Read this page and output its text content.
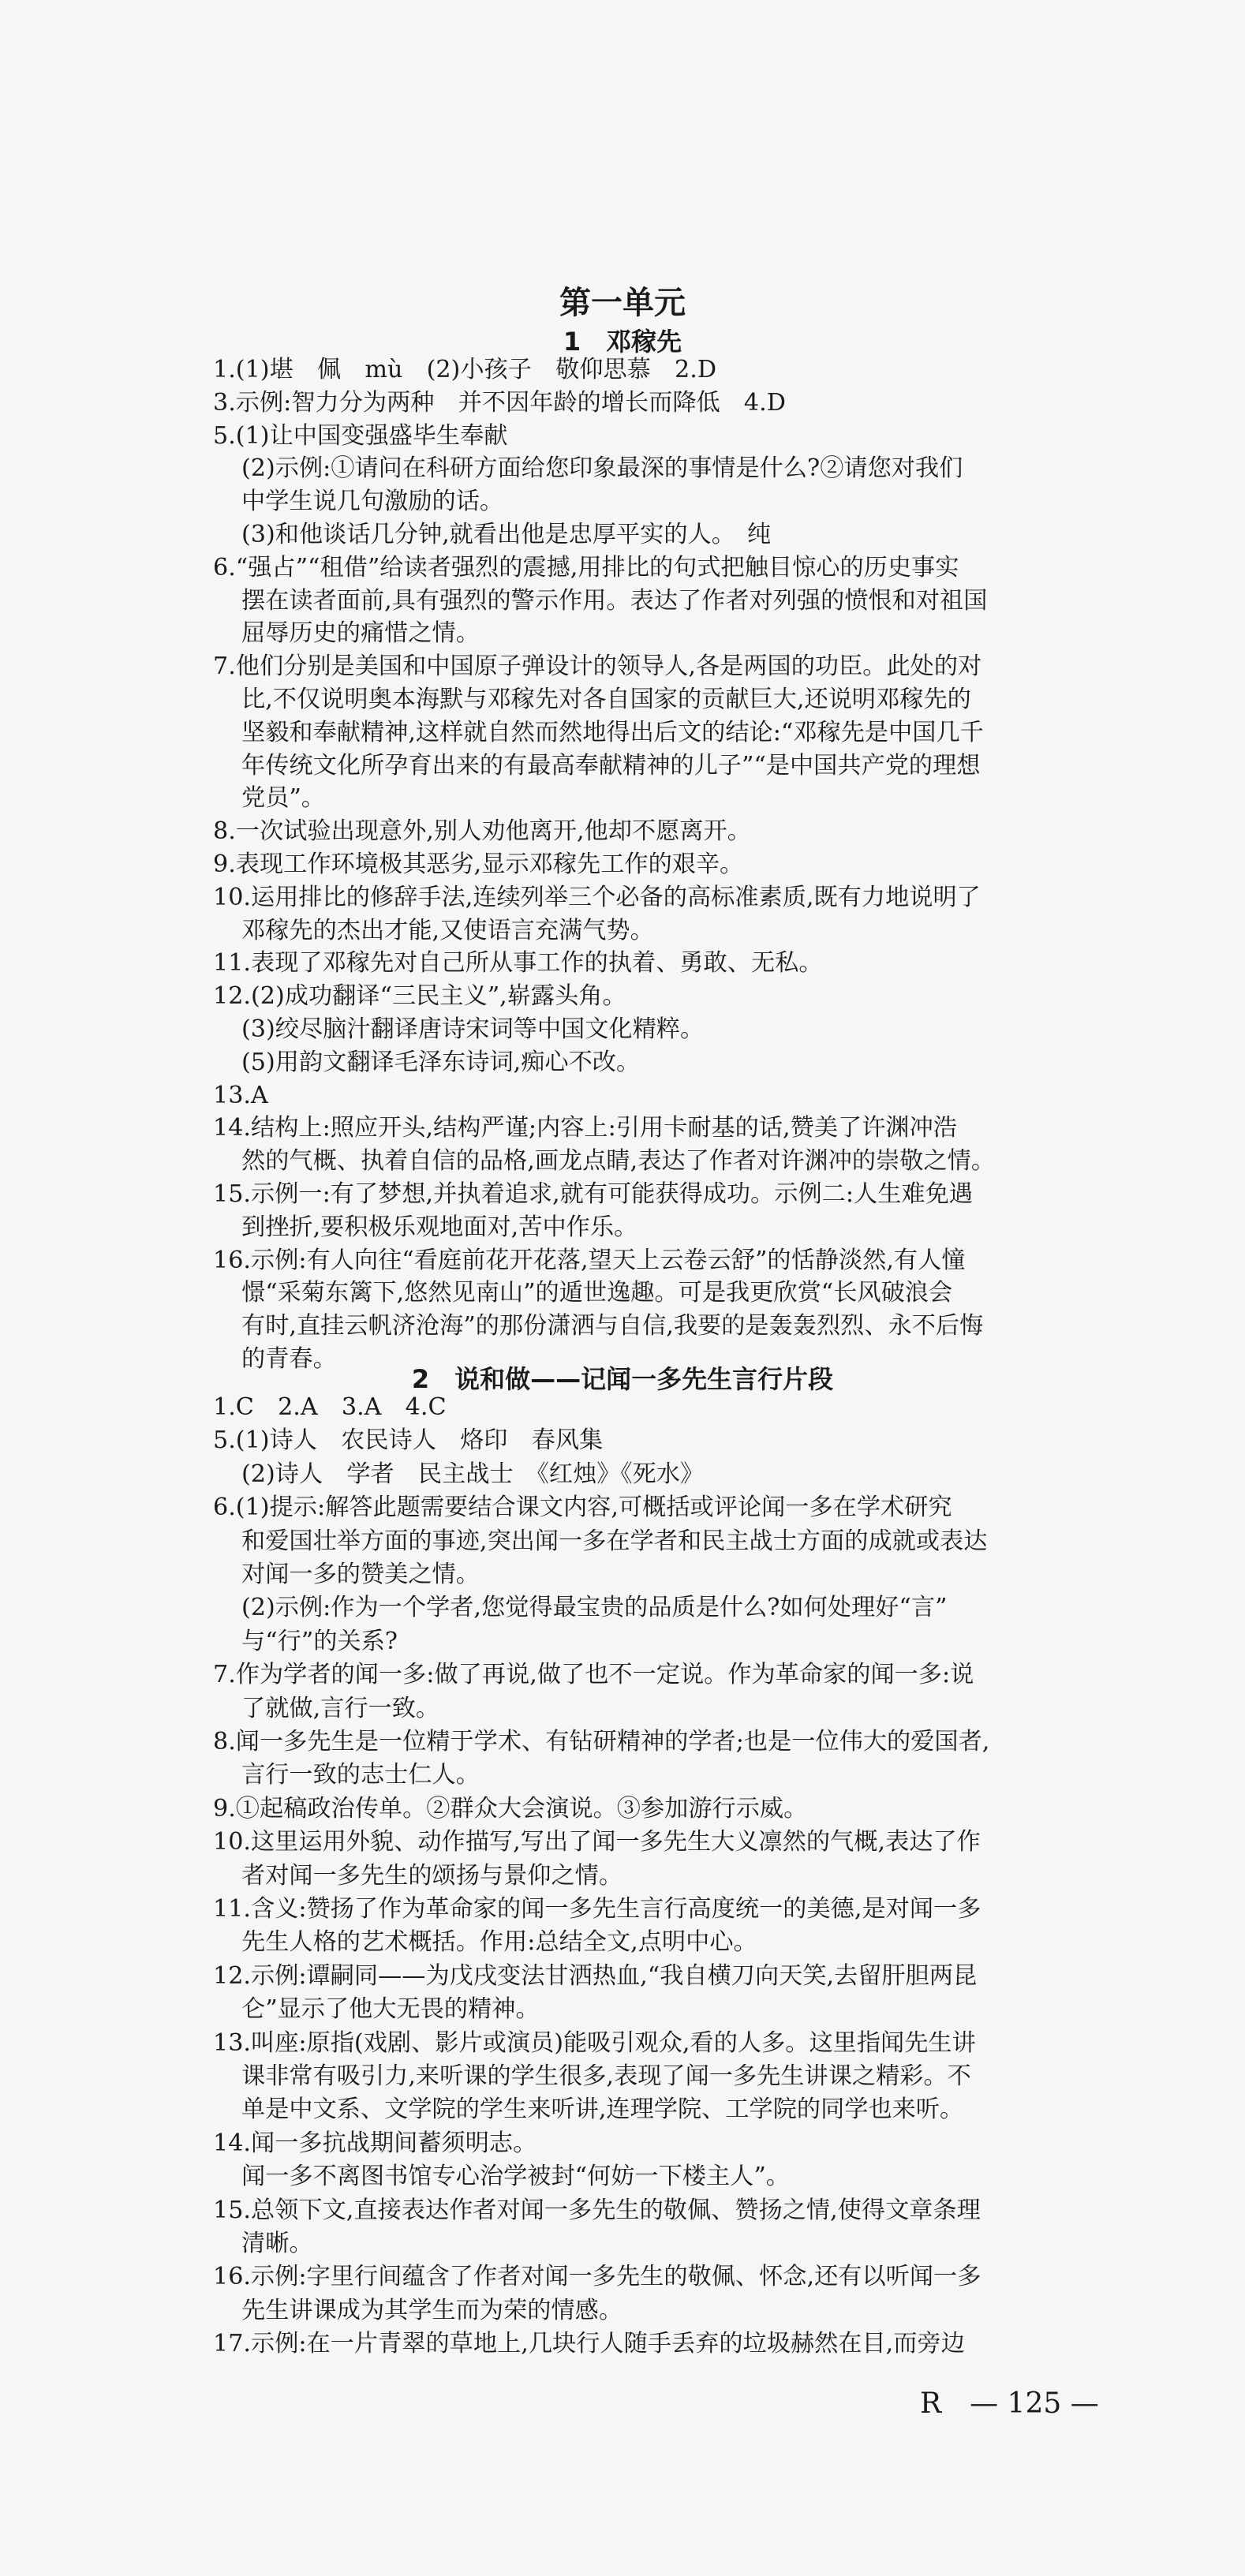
第一单元
1　邓稼先
1.(1)堪　佩　mù　(2)小孩子　敬仰思慕　2.D
3.示例:智力分为两种　并不因年龄的增长而降低　4.D
5.(1)让中国变强盛毕生奉献
(2)示例:①请问在科研方面给您印象最深的事情是什么?②请您对我们
中学生说几句激励的话。
(3)和他谈话几分钟,就看出他是忠厚平实的人。　纯
6.“强占”“租借”给读者强烈的震撼,用排比的句式把触目惊心的历史事实
摆在读者面前,具有强烈的警示作用。表达了作者对列强的愤恨和对祖国
屈辱历史的痛惜之情。
7.他们分别是美国和中国原子弹设计的领导人,各是两国的功臣。此处的对
比,不仅说明奥本海默与邓稼先对各自国家的贡献巨大,还说明邓稼先的
坚毅和奉献精神,这样就自然而然地得出后文的结论:“邓稼先是中国几千
年传统文化所孕育出来的有最高奉献精神的儿子”“是中国共产党的理想
党员”。
8.一次试验出现意外,别人劝他离开,他却不愿离开。
9.表现工作环境极其恶劣,显示邓稼先工作的艰辛。
10.运用排比的修辞手法,连续列举三个必备的高标准素质,既有力地说明了
邓稼先的杰出才能,又使语言充满气势。
11.表现了邓稼先对自己所从事工作的执着、勇敢、无私。
12.(2)成功翻译“三民主义”,崭露头角。
(3)绞尽脑汁翻译唐诗宋词等中国文化精粹。
(5)用韵文翻译毛泽东诗词,痴心不改。
13.A
14.结构上:照应开头,结构严谨;内容上:引用卡耐基的话,赞美了许渊冲浩
然的气概、执着自信的品格,画龙点睛,表达了作者对许渊冲的崇敬之情。
15.示例一:有了梦想,并执着追求,就有可能获得成功。示例二:人生难免遇
到挫折,要积极乐观地面对,苦中作乐。
16.示例:有人向往“看庭前花开花落,望天上云卷云舒”的恬静淡然,有人憧
憬“采菊东篱下,悠然见南山”的遁世逸趣。可是我更欣赏“长风破浪会
有时,直挂云帆济沧海”的那份潇洒与自信,我要的是轰轰烈烈、永不后悔
的青春。
2　说和做——记闻一多先生言行片段
1.C　2.A　3.A　4.C
5.(1)诗人　农民诗人　烙印　春风集
(2)诗人　学者　民主战士　《红烛》《死水》
6.(1)提示:解答此题需要结合课文内容,可概括或评论闻一多在学术研究
和爱国壮举方面的事迹,突出闻一多在学者和民主战士方面的成就或表达
对闻一多的赞美之情。
(2)示例:作为一个学者,您觉得最宝贵的品质是什么?如何处理好“言”
与“行”的关系?
7.作为学者的闻一多:做了再说,做了也不一定说。作为革命家的闻一多:说
了就做,言行一致。
8.闻一多先生是一位精于学术、有钻研精神的学者;也是一位伟大的爱国者,
言行一致的志士仁人。
9.①起稿政治传单。②群众大会演说。③参加游行示威。
10.这里运用外貌、动作描写,写出了闻一多先生大义凛然的气概,表达了作
者对闻一多先生的颂扬与景仰之情。
11.含义:赞扬了作为革命家的闻一多先生言行高度统一的美德,是对闻一多
先生人格的艺术概括。作用:总结全文,点明中心。
12.示例:谭嗣同——为戊戌变法甘洒热血,“我自横刀向天笑,去留肝胆两昆
仑”显示了他大无畏的精神。
13.叫座:原指(戏剧、影片或演员)能吸引观众,看的人多。这里指闻先生讲
课非常有吸引力,来听课的学生很多,表现了闻一多先生讲课之精彩。不
单是中文系、文学院的学生来听讲,连理学院、工学院的同学也来听。
14.闻一多抗战期间蓄须明志。
闻一多不离图书馆专心治学被封“何妨一下楼主人”。
15.总领下文,直接表达作者对闻一多先生的敬佩、赞扬之情,使得文章条理
清晰。
16.示例:字里行间蕴含了作者对闻一多先生的敬佩、怀念,还有以听闻一多
先生讲课成为其学生而为荣的情感。
17.示例:在一片青翠的草地上,几块行人随手丢弃的垃圾赫然在目,而旁边
R　— 125 —
